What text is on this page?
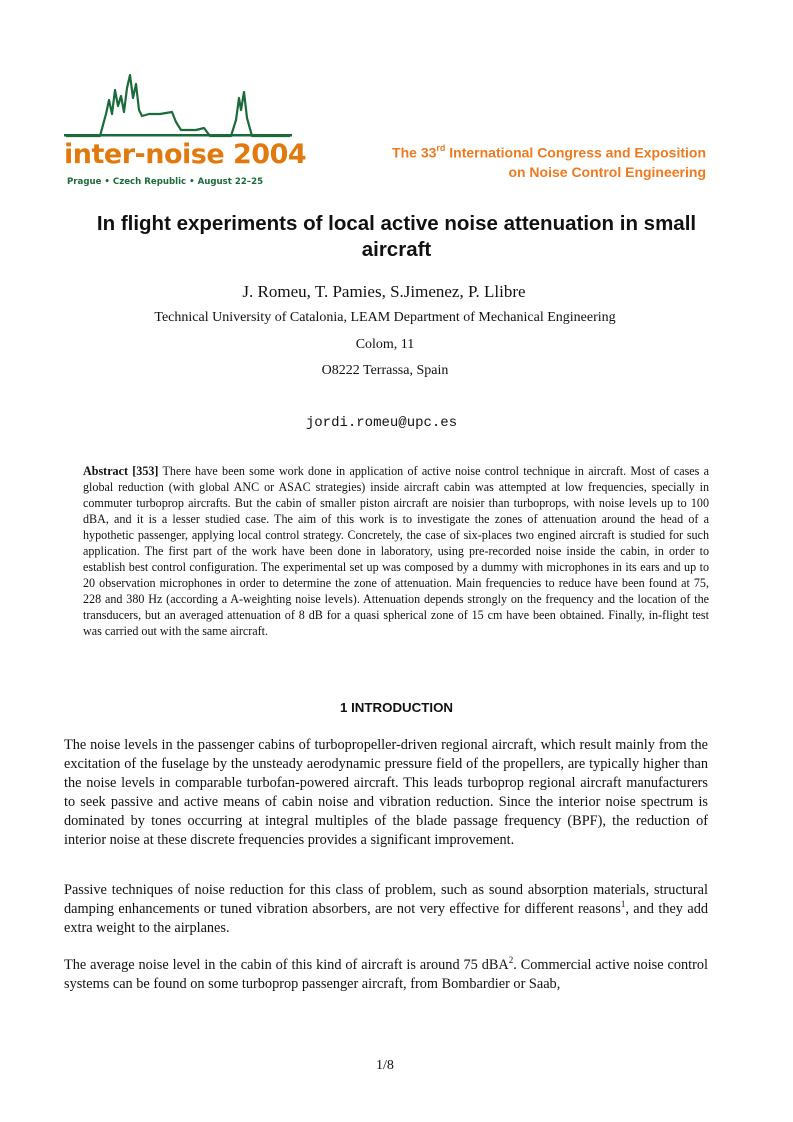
inter-noise 2004
Prague • Czech Republic • August 22–25
The 33rd International Congress and Exposition
on Noise Control Engineering
In flight experiments of local active noise attenuation in small aircraft
J. Romeu, T. Pamies, S.Jimenez, P. Llibre
Technical University of Catalonia, LEAM Department of Mechanical Engineering
Colom, 11
O8222 Terrassa, Spain
jordi.romeu@upc.es
Abstract [353] There have been some work done in application of active noise control technique in aircraft. Most of cases a global reduction (with global ANC or ASAC strategies) inside aircraft cabin was attempted at low frequencies, specially in commuter turboprop aircrafts. But the cabin of smaller piston aircraft are noisier than turboprops, with noise levels up to 100 dBA, and it is a lesser studied case. The aim of this work is to investigate the zones of attenuation around the head of a hypothetic passenger, applying local control strategy. Concretely, the case of six-places two engined aircraft is studied for such application. The first part of the work have been done in laboratory, using pre-recorded noise inside the cabin, in order to establish best control configuration. The experimental set up was composed by a dummy with microphones in its ears and up to 20 observation microphones in order to determine the zone of attenuation. Main frequencies to reduce have been found at 75, 228 and 380 Hz (according a A-weighting noise levels). Attenuation depends strongly on the frequency and the location of the transducers, but an averaged attenuation of 8 dB for a quasi spherical zone of 15 cm have been obtained. Finally, in-flight test was carried out with the same aircraft.
1 INTRODUCTION
The noise levels in the passenger cabins of turbopropeller-driven regional aircraft, which result mainly from the excitation of the fuselage by the unsteady aerodynamic pressure field of the propellers, are typically higher than the noise levels in comparable turbofan-powered aircraft. This leads turboprop regional aircraft manufacturers to seek passive and active means of cabin noise and vibration reduction. Since the interior noise spectrum is dominated by tones occurring at integral multiples of the blade passage frequency (BPF), the reduction of interior noise at these discrete frequencies provides a significant improvement.
Passive techniques of noise reduction for this class of problem, such as sound absorption materials, structural damping enhancements or tuned vibration absorbers, are not very effective for different reasons$^1$, and they add extra weight to the airplanes.
The average noise level in the cabin of this kind of aircraft is around 75 dBA$^2$. Commercial active noise control systems can be found on some turboprop passenger aircraft, from Bombardier or Saab,
1/8
